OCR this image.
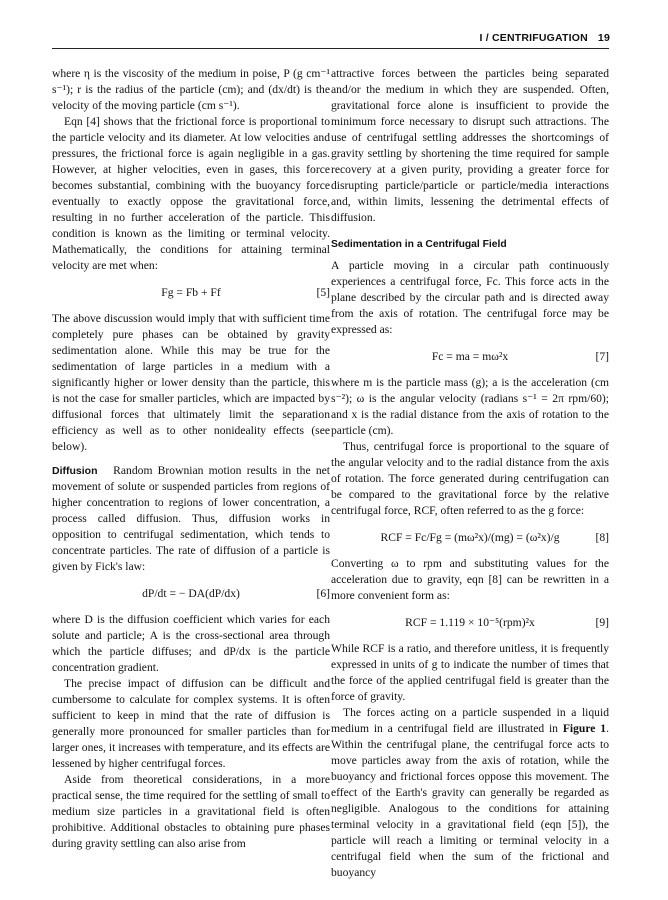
I / CENTRIFUGATION 19

where η is the viscosity of the medium in poise, P (g cm⁻¹ s⁻¹); r is the radius of the particle (cm); and (dx/dt) is the velocity of the moving particle (cm s⁻¹).

Eqn [4] shows that the frictional force is proportional to the particle velocity and its diameter. At low velocities and pressures, the frictional force is again negligible in a gas. However, at higher velocities, even in gases, this force becomes substantial, combining with the buoyancy force eventually to exactly oppose the gravitational force, resulting in no further acceleration of the particle. This condition is known as the limiting or terminal velocity. Mathematically, the conditions for attaining terminal velocity are met when:

Fg = Fb + Ff	[5]

The above discussion would imply that with sufficient time completely pure phases can be obtained by gravity sedimentation alone. While this may be true for the sedimentation of large particles in a medium with a significantly higher or lower density than the particle, this is not the case for smaller particles, which are impacted by diffusional forces that ultimately limit the separation efficiency as well as to other nonideality effects (see below).

Diffusion Random Brownian motion results in the net movement of solute or suspended particles from regions of higher concentration to regions of lower concentration, a process called diffusion. Thus, diffusion works in opposition to centrifugal sedimentation, which tends to concentrate particles. The rate of diffusion of a particle is given by Fick's law:

dP/dt = − DA(dP/dx)	[6]

where D is the diffusion coefficient which varies for each solute and particle; A is the cross-sectional area through which the particle diffuses; and dP/dx is the particle concentration gradient.

The precise impact of diffusion can be difficult and cumbersome to calculate for complex systems. It is often sufficient to keep in mind that the rate of diffusion is generally more pronounced for smaller particles than for larger ones, it increases with temperature, and its effects are lessened by higher centrifugal forces.

Aside from theoretical considerations, in a more practical sense, the time required for the settling of small to medium size particles in a gravitational field is often prohibitive. Additional obstacles to obtaining pure phases during gravity settling can also arise from

attractive forces between the particles being separated and/or the medium in which they are suspended. Often, gravitational force alone is insufficient to provide the minimum force necessary to disrupt such attractions. The use of centrifugal settling addresses the shortcomings of gravity settling by shortening the time required for sample recovery at a given purity, providing a greater force for disrupting particle/particle or particle/media interactions and, within limits, lessening the detrimental effects of diffusion.

Sedimentation in a Centrifugal Field

A particle moving in a circular path continuously experiences a centrifugal force, Fc. This force acts in the plane described by the circular path and is directed away from the axis of rotation. The centrifugal force may be expressed as:

Fc = ma = mω²x	[7]

where m is the particle mass (g); a is the acceleration (cm s⁻²); ω is the angular velocity (radians s⁻¹ = 2π rpm/60); and x is the radial distance from the axis of rotation to the particle (cm).

Thus, centrifugal force is proportional to the square of the angular velocity and to the radial distance from the axis of rotation. The force generated during centrifugation can be compared to the gravitational force by the relative centrifugal force, RCF, often referred to as the g force:

RCF = Fc/Fg = (mω²x)/(mg) = (ω²x)/g	[8]

Converting ω to rpm and substituting values for the acceleration due to gravity, eqn [8] can be rewritten in a more convenient form as:

RCF = 1.119 × 10⁻⁵(rpm)²x	[9]

While RCF is a ratio, and therefore unitless, it is frequently expressed in units of g to indicate the number of times that the force of the applied centrifugal field is greater than the force of gravity.

The forces acting on a particle suspended in a liquid medium in a centrifugal field are illustrated in Figure 1. Within the centrifugal plane, the centrifugal force acts to move particles away from the axis of rotation, while the buoyancy and frictional forces oppose this movement. The effect of the Earth's gravity can generally be regarded as negligible. Analogous to the conditions for attaining terminal velocity in a gravitational field (eqn [5]), the particle will reach a limiting or terminal velocity in a centrifugal field when the sum of the frictional and buoyancy
